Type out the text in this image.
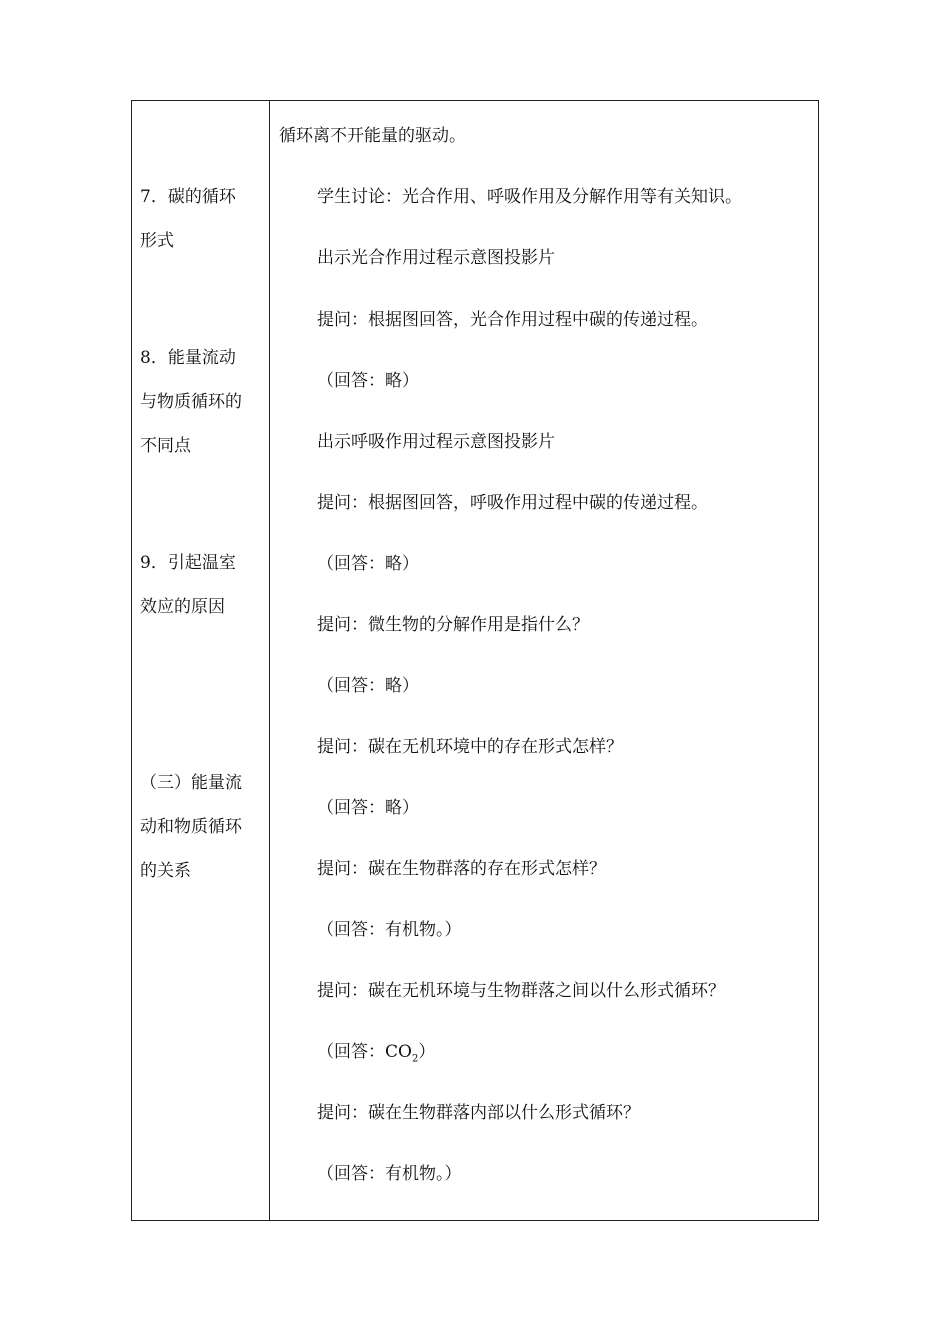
7．碳的循环
形式
8．能量流动
与物质循环的
不同点
9．引起温室
效应的原因
（三）能量流
动和物质循环
的关系
循环离不开能量的驱动。
学生讨论：光合作用、呼吸作用及分解作用等有关知识。
出示光合作用过程示意图投影片
提问：根据图回答，光合作用过程中碳的传递过程。
（回答：略）
出示呼吸作用过程示意图投影片
提问：根据图回答，呼吸作用过程中碳的传递过程。
（回答：略）
提问：微生物的分解作用是指什么？
（回答：略）
提问：碳在无机环境中的存在形式怎样？
（回答：略）
提问：碳在生物群落的存在形式怎样？
（回答：有机物。）
提问：碳在无机环境与生物群落之间以什么形式循环？
（回答：$CO_2$）
提问：碳在生物群落内部以什么形式循环？
（回答：有机物。）
